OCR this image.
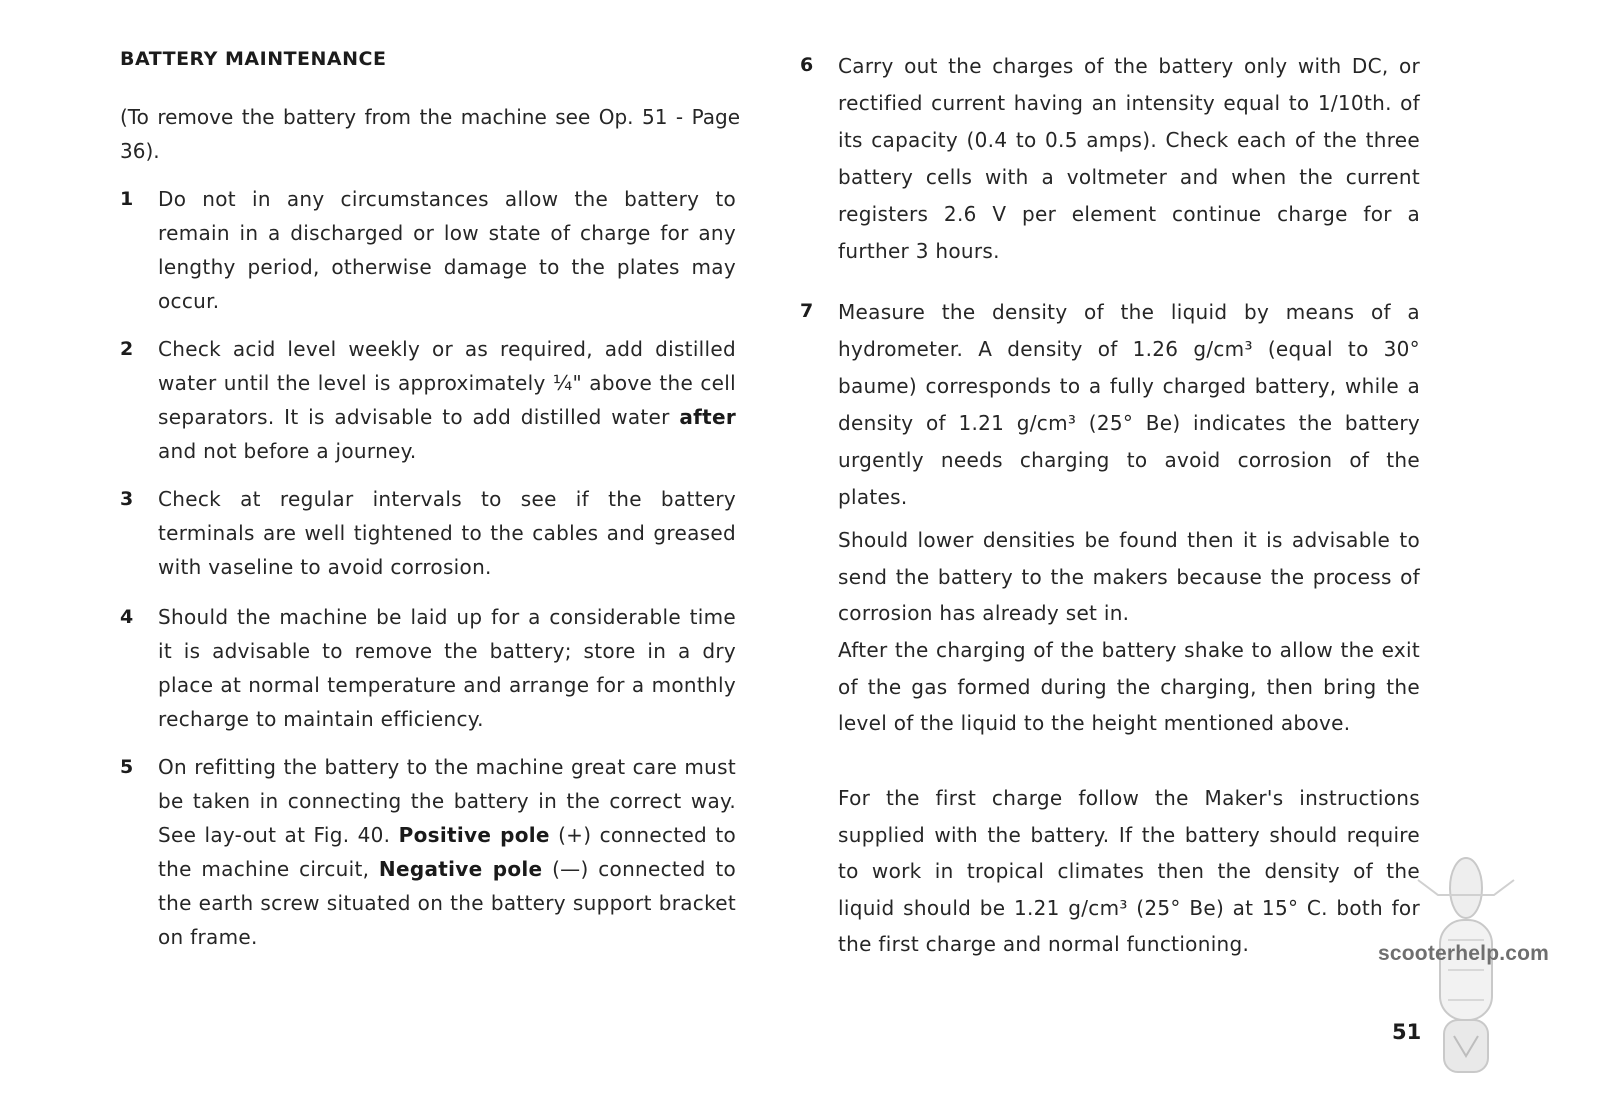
BATTERY MAINTENANCE
(To remove the battery from the machine see Op. 51 - Page 36).
1 Do not in any circumstances allow the battery to remain in a discharged or low state of charge for any lengthy period, otherwise damage to the plates may occur.
2 Check acid level weekly or as required, add distilled water until the level is approximately ¼" above the cell separators. It is advisable to add distilled water after and not before a journey.
3 Check at regular intervals to see if the battery terminals are well tightened to the cables and greased with vaseline to avoid corrosion.
4 Should the machine be laid up for a considerable time it is advisable to remove the battery; store in a dry place at normal temperature and arrange for a monthly recharge to maintain efficiency.
5 On refitting the battery to the machine great care must be taken in connecting the battery in the correct way. See lay-out at Fig. 40. Positive pole (+) connected to the machine circuit, Negative pole (—) connected to the earth screw situated on the battery support bracket on frame.
6 Carry out the charges of the battery only with DC, or rectified current having an intensity equal to 1/10th. of its capacity (0.4 to 0.5 amps). Check each of the three battery cells with a voltmeter and when the current registers 2.6 V per element continue charge for a further 3 hours.
7 Measure the density of the liquid by means of a hydrometer. A density of 1.26 g/cm³ (equal to 30° baume) corresponds to a fully charged battery, while a density of 1.21 g/cm³ (25° Be) indicates the battery urgently needs charging to avoid corrosion of the plates.
Should lower densities be found then it is advisable to send the battery to the makers because the process of corrosion has already set in.
After the charging of the battery shake to allow the exit of the gas formed during the charging, then bring the level of the liquid to the height mentioned above.
For the first charge follow the Maker's instructions supplied with the battery. If the battery should require to work in tropical climates then the density of the liquid should be 1.21 g/cm³ (25° Be) at 15° C. both for the first charge and normal functioning.	scooterhelp.com
51
